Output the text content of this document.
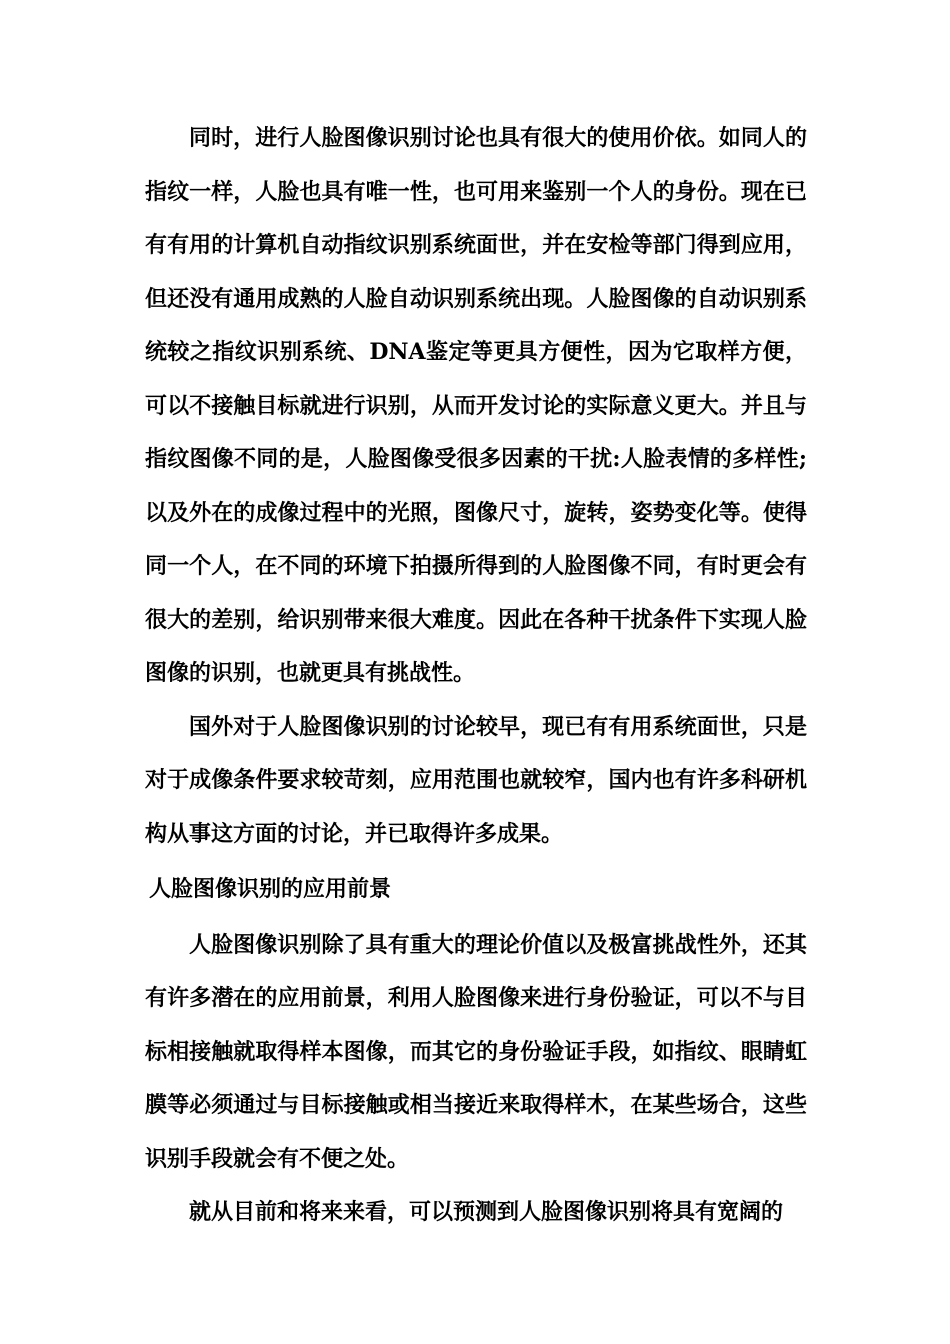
同时，进行人脸图像识别讨论也具有很大的使用价依。如同人的指纹一样，人脸也具有唯一性，也可用来鉴别一个人的身份。现在已有有用的计算机自动指纹识别系统面世，并在安检等部门得到应用，但还没有通用成熟的人脸自动识别系统出现。人脸图像的自动识别系统较之指纹识别系统、DNA鉴定等更具方便性，因为它取样方便，可以不接触目标就进行识别，从而开发讨论的实际意义更大。并且与指纹图像不同的是，人脸图像受很多因素的干扰:人脸表情的多样性;以及外在的成像过程中的光照，图像尺寸，旋转，姿势变化等。使得同一个人，在不同的环境下拍摄所得到的人脸图像不同，有时更会有很大的差别，给识别带来很大难度。因此在各种干扰条件下实现人脸图像的识别，也就更具有挑战性。

国外对于人脸图像识别的讨论较早，现已有有用系统面世，只是对于成像条件要求较苛刻，应用范围也就较窄，国内也有许多科研机构从事这方面的讨论，并已取得许多成果。

人脸图像识别的应用前景

人脸图像识别除了具有重大的理论价值以及极富挑战性外，还其有许多潜在的应用前景，利用人脸图像来进行身份验证，可以不与目标相接触就取得样本图像，而其它的身份验证手段，如指纹、眼睛虹膜等必须通过与目标接触或相当接近来取得样木，在某些场合，这些识别手段就会有不便之处。

就从目前和将来来看，可以预测到人脸图像识别将具有宽阔的
